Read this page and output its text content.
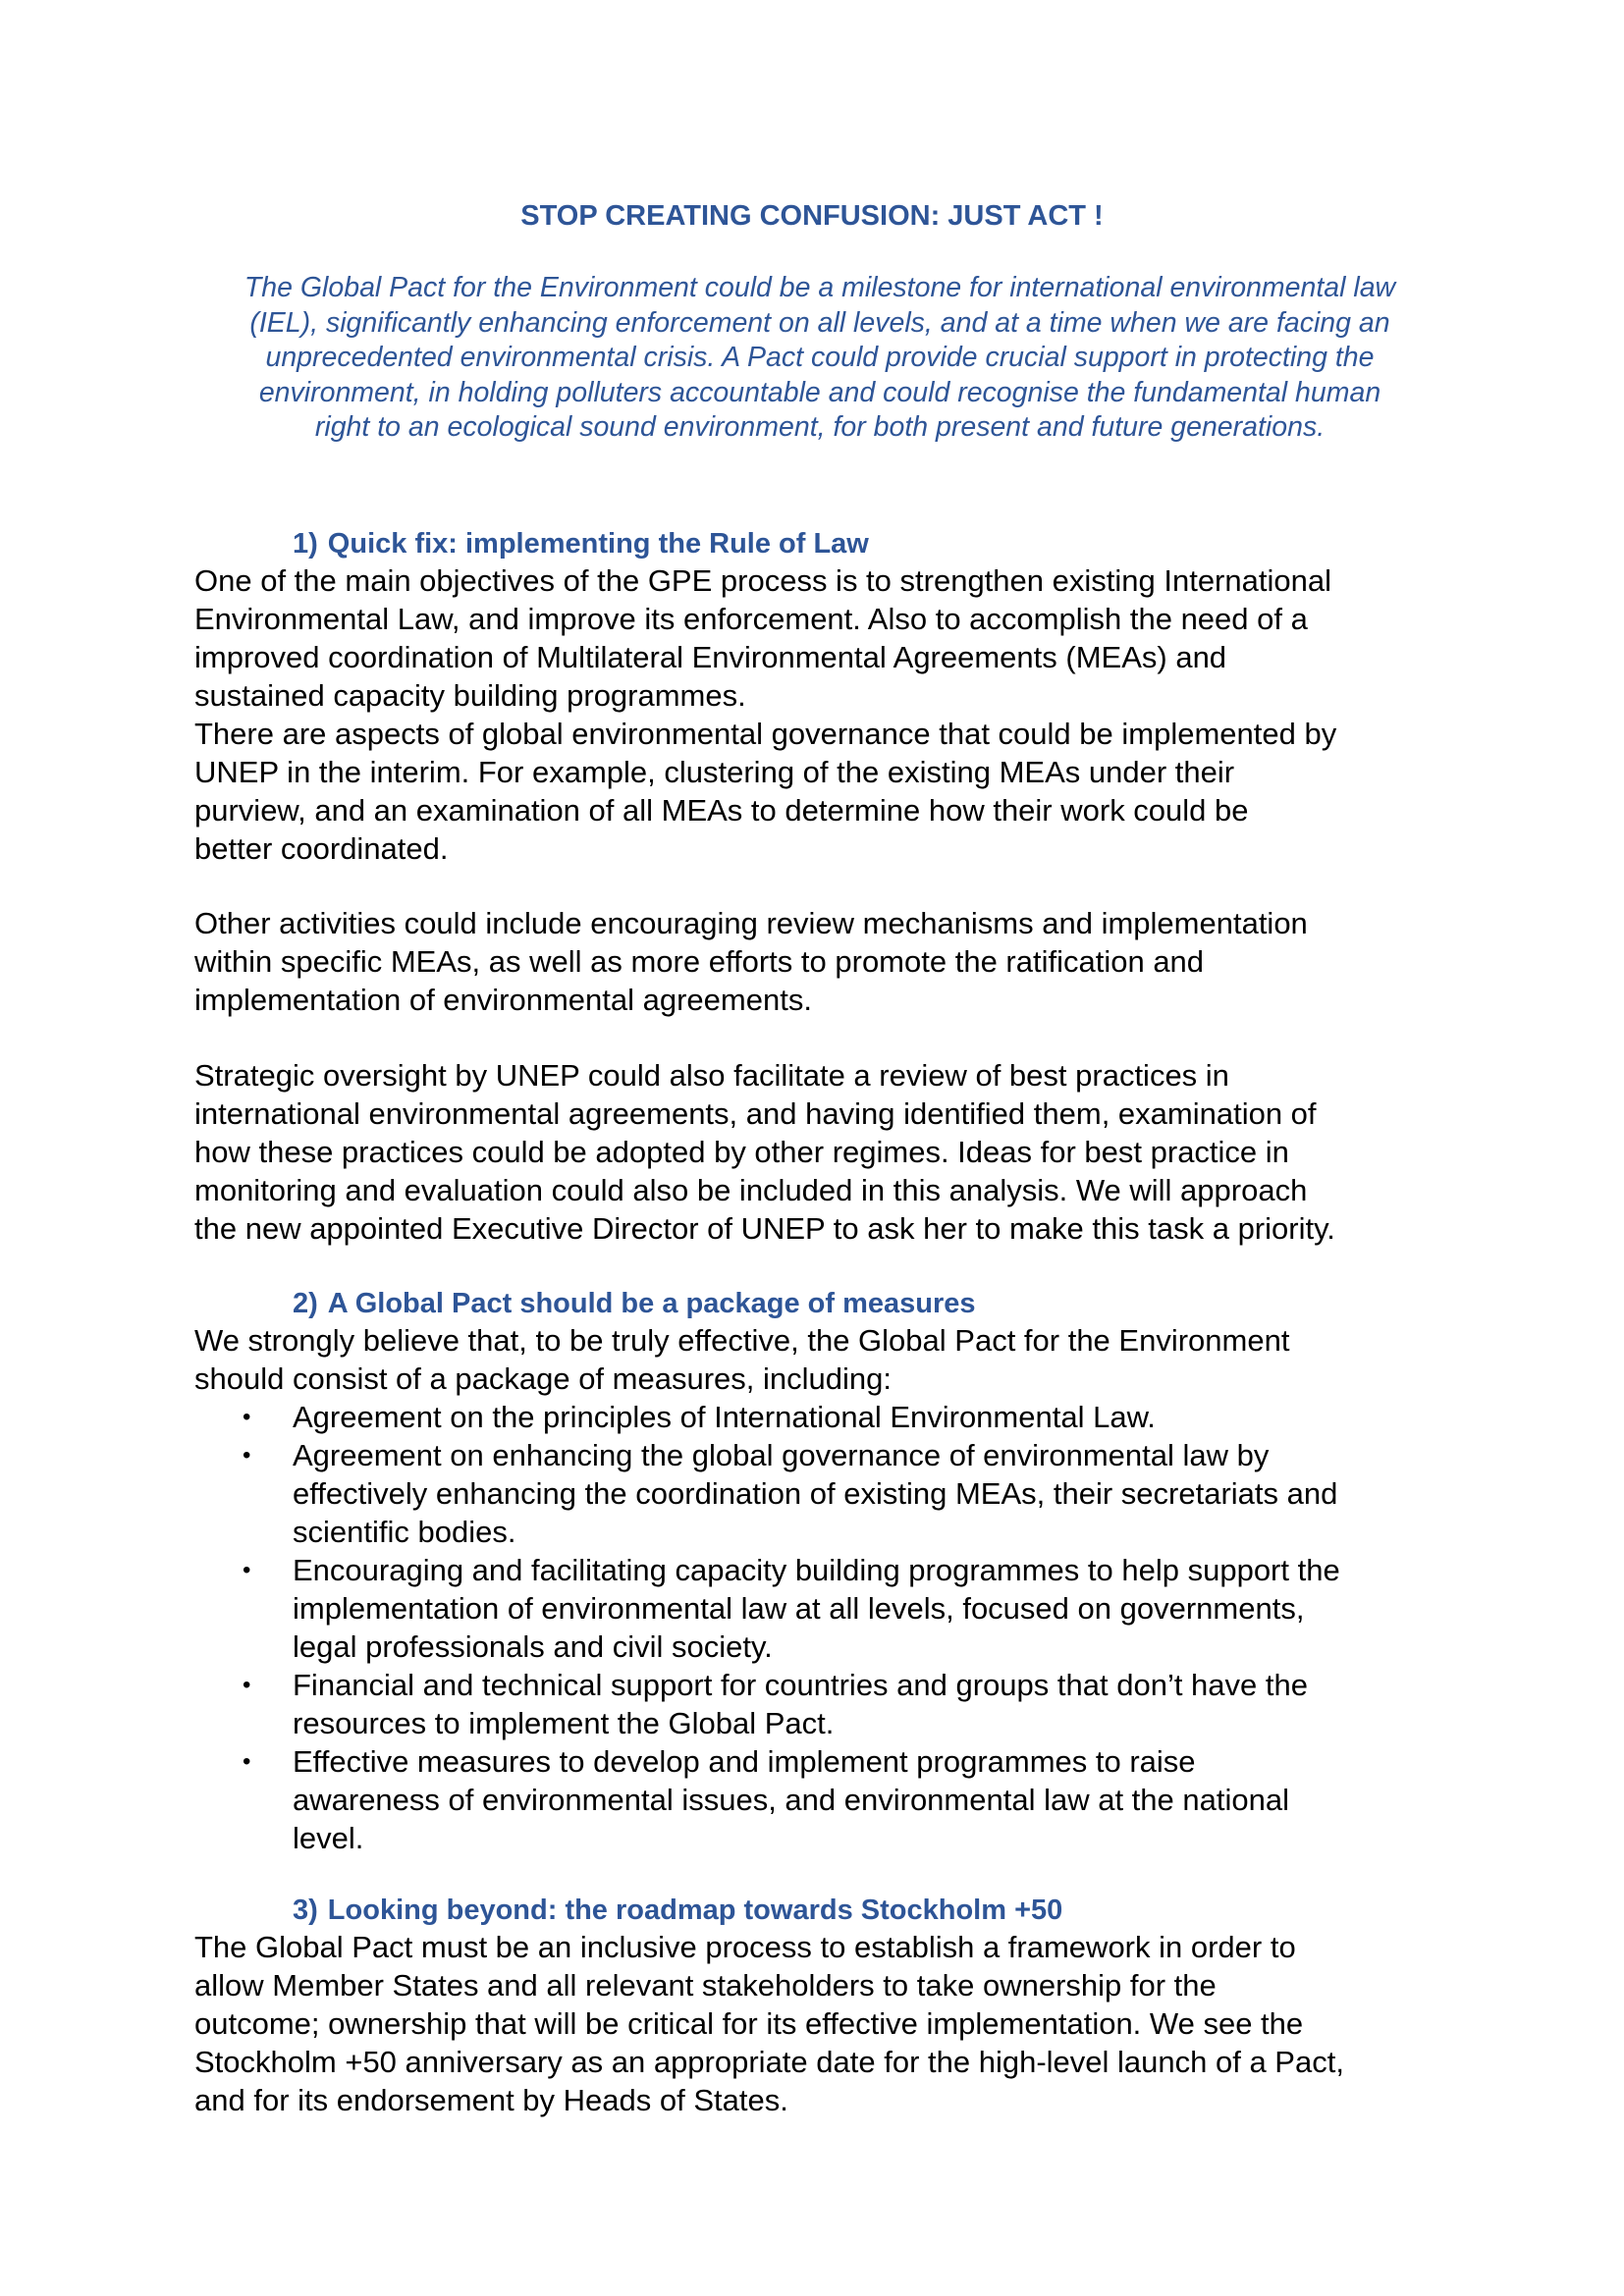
STOP CREATING CONFUSION: JUST ACT !

The Global Pact for the Environment could be a milestone for international environmental law
(IEL), significantly enhancing enforcement on all levels, and at a time when we are facing an
unprecedented environmental crisis. A Pact could provide crucial support in protecting the
environment, in holding polluters accountable and could recognise the fundamental human
right to an ecological sound environment, for both present and future generations.

1) Quick fix: implementing the Rule of Law
One of the main objectives of the GPE process is to strengthen existing International
Environmental Law, and improve its enforcement. Also to accomplish the need of a
improved coordination of Multilateral Environmental Agreements (MEAs) and
sustained capacity building programmes.
There are aspects of global environmental governance that could be implemented by
UNEP in the interim. For example, clustering of the existing MEAs under their
purview, and an examination of all MEAs to determine how their work could be
better coordinated.
Other activities could include encouraging review mechanisms and implementation
within specific MEAs, as well as more efforts to promote the ratification and
implementation of environmental agreements.
Strategic oversight by UNEP could also facilitate a review of best practices in
international environmental agreements, and having identified them, examination of
how these practices could be adopted by other regimes. Ideas for best practice in
monitoring and evaluation could also be included in this analysis. We will approach
the new appointed Executive Director of UNEP to ask her to make this task a priority.
2) A Global Pact should be a package of measures
We strongly believe that, to be truly effective, the Global Pact for the Environment
should consist of a package of measures, including:
• Agreement on the principles of International Environmental Law.
• Agreement on enhancing the global governance of environmental law by
effectively enhancing the coordination of existing MEAs, their secretariats and
scientific bodies.
• Encouraging and facilitating capacity building programmes to help support the
implementation of environmental law at all levels, focused on governments,
legal professionals and civil society.
• Financial and technical support for countries and groups that don’t have the
resources to implement the Global Pact.
• Effective measures to develop and implement programmes to raise
awareness of environmental issues, and environmental law at the national
level.
3) Looking beyond: the roadmap towards Stockholm +50
The Global Pact must be an inclusive process to establish a framework in order to
allow Member States and all relevant stakeholders to take ownership for the
outcome; ownership that will be critical for its effective implementation. We see the
Stockholm +50 anniversary as an appropriate date for the high-level launch of a Pact,
and for its endorsement by Heads of States.
